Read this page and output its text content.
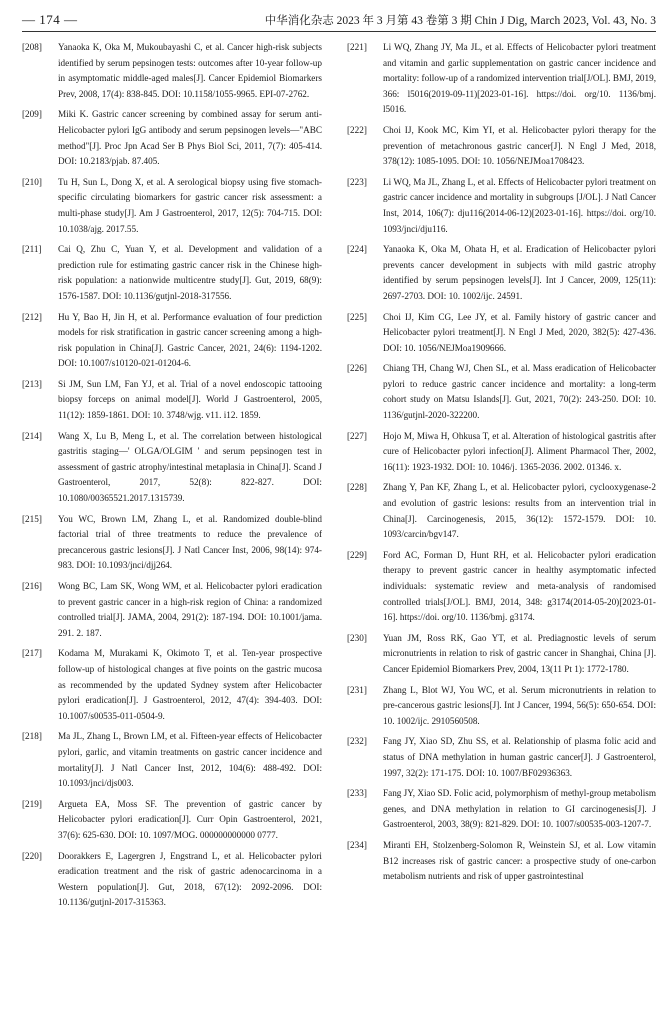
— 174 —	中华消化杂志 2023 年 3 月第 43 卷第 3 期 Chin J Dig, March 2023, Vol. 43, No. 3
[208]	Yanaoka K, Oka M, Mukoubayashi C, et al. Cancer high-risk subjects identified by serum pepsinogen tests: outcomes after 10-year follow-up in asymptomatic middle-aged males[J]. Cancer Epidemiol Biomarkers Prev, 2008, 17(4): 838-845. DOI: 10.1158/1055-9965. EPI-07-2762.
[209]	Miki K. Gastric cancer screening by combined assay for serum anti-Helicobacter pylori IgG antibody and serum pepsinogen levels—"ABC method"[J]. Proc Jpn Acad Ser B Phys Biol Sci, 2011, 7(7): 405-414. DOI: 10.2183/pjab. 87.405.
[210]	Tu H, Sun L, Dong X, et al. A serological biopsy using five stomach-specific circulating biomarkers for gastric cancer risk assessment: a multi-phase study[J]. Am J Gastroenterol, 2017, 12(5): 704-715. DOI: 10.1038/ajg. 2017.55.
[211]	Cai Q, Zhu C, Yuan Y, et al. Development and validation of a prediction rule for estimating gastric cancer risk in the Chinese high-risk population: a nationwide multicentre study[J]. Gut, 2019, 68(9): 1576-1587. DOI: 10.1136/gutjnl-2018-317556.
[212]	Hu Y, Bao H, Jin H, et al. Performance evaluation of four prediction models for risk stratification in gastric cancer screening among a high-risk population in China[J]. Gastric Cancer, 2021, 24(6): 1194-1202. DOI: 10.1007/s10120-021-01204-6.
[213]	Si JM, Sun LM, Fan YJ, et al. Trial of a novel endoscopic tattooing biopsy forceps on animal model[J]. World J Gastroenterol, 2005, 11(12): 1859-1861. DOI: 10. 3748/wjg. v11. i12. 1859.
[214]	Wang X, Lu B, Meng L, et al. The correlation between histological gastritis staging—' OLGA/OLGIM ' and serum pepsinogen test in assessment of gastric atrophy/intestinal metaplasia in China[J]. Scand J Gastroenterol, 2017, 52(8): 822-827. DOI: 10.1080/00365521.2017.1315739.
[215]	You WC, Brown LM, Zhang L, et al. Randomized double-blind factorial trial of three treatments to reduce the prevalence of precancerous gastric lesions[J]. J Natl Cancer Inst, 2006, 98(14): 974-983. DOI: 10.1093/jnci/djj264.
[216]	Wong BC, Lam SK, Wong WM, et al. Helicobacter pylori eradication to prevent gastric cancer in a high-risk region of China: a randomized controlled trial[J]. JAMA, 2004, 291(2): 187-194. DOI: 10.1001/jama. 291. 2. 187.
[217]	Kodama M, Murakami K, Okimoto T, et al. Ten-year prospective follow-up of histological changes at five points on the gastric mucosa as recommended by the updated Sydney system after Helicobacter pylori eradication[J]. J Gastroenterol, 2012, 47(4): 394-403. DOI: 10.1007/s00535-011-0504-9.
[218]	Ma JL, Zhang L, Brown LM, et al. Fifteen-year effects of Helicobacter pylori, garlic, and vitamin treatments on gastric cancer incidence and mortality[J]. J Natl Cancer Inst, 2012, 104(6): 488-492. DOI: 10.1093/jnci/djs003.
[219]	Argueta EA, Moss SF. The prevention of gastric cancer by Helicobacter pylori eradication[J]. Curr Opin Gastroenterol, 2021, 37(6): 625-630. DOI: 10. 1097/MOG. 000000000000 0777.
[220]	Doorakkers E, Lagergren J, Engstrand L, et al. Helicobacter pylori eradication treatment and the risk of gastric adenocarcinoma in a Western population[J]. Gut, 2018, 67(12): 2092-2096. DOI: 10.1136/gutjnl-2017-315363.
[221]	Li WQ, Zhang JY, Ma JL, et al. Effects of Helicobacter pylori treatment and vitamin and garlic supplementation on gastric cancer incidence and mortality: follow-up of a randomized intervention trial[J/OL]. BMJ, 2019, 366: l5016(2019-09-11)[2023-01-16]. https://doi. org/10. 1136/bmj. l5016.
[222]	Choi IJ, Kook MC, Kim YI, et al. Helicobacter pylori therapy for the prevention of metachronous gastric cancer[J]. N Engl J Med, 2018, 378(12): 1085-1095. DOI: 10. 1056/NEJMoa1708423.
[223]	Li WQ, Ma JL, Zhang L, et al. Effects of Helicobacter pylori treatment on gastric cancer incidence and mortality in subgroups [J/OL]. J Natl Cancer Inst, 2014, 106(7): dju116(2014-06-12)[2023-01-16]. https://doi. org/10. 1093/jnci/dju116.
[224]	Yanaoka K, Oka M, Ohata H, et al. Eradication of Helicobacter pylori prevents cancer development in subjects with mild gastric atrophy identified by serum pepsinogen levels[J]. Int J Cancer, 2009, 125(11): 2697-2703. DOI: 10. 1002/ijc. 24591.
[225]	Choi IJ, Kim CG, Lee JY, et al. Family history of gastric cancer and Helicobacter pylori treatment[J]. N Engl J Med, 2020, 382(5): 427-436. DOI: 10. 1056/NEJMoa1909666.
[226]	Chiang TH, Chang WJ, Chen SL, et al. Mass eradication of Helicobacter pylori to reduce gastric cancer incidence and mortality: a long-term cohort study on Matsu Islands[J]. Gut, 2021, 70(2): 243-250. DOI: 10. 1136/gutjnl-2020-322200.
[227]	Hojo M, Miwa H, Ohkusa T, et al. Alteration of histological gastritis after cure of Helicobacter pylori infection[J]. Aliment Pharmacol Ther, 2002, 16(11): 1923-1932. DOI: 10. 1046/j. 1365-2036. 2002. 01346. x.
[228]	Zhang Y, Pan KF, Zhang L, et al. Helicobacter pylori, cyclooxygenase-2 and evolution of gastric lesions: results from an intervention trial in China[J]. Carcinogenesis, 2015, 36(12): 1572-1579. DOI: 10. 1093/carcin/bgv147.
[229]	Ford AC, Forman D, Hunt RH, et al. Helicobacter pylori eradication therapy to prevent gastric cancer in healthy asymptomatic infected individuals: systematic review and meta-analysis of randomised controlled trials[J/OL]. BMJ, 2014, 348: g3174(2014-05-20)[2023-01-16]. https://doi. org/10. 1136/bmj. g3174.
[230]	Yuan JM, Ross RK, Gao YT, et al. Prediagnostic levels of serum micronutrients in relation to risk of gastric cancer in Shanghai, China [J]. Cancer Epidemiol Biomarkers Prev, 2004, 13(11 Pt 1): 1772-1780.
[231]	Zhang L, Blot WJ, You WC, et al. Serum micronutrients in relation to pre-cancerous gastric lesions[J]. Int J Cancer, 1994, 56(5): 650-654. DOI: 10. 1002/ijc. 2910560508.
[232]	Fang JY, Xiao SD, Zhu SS, et al. Relationship of plasma folic acid and status of DNA methylation in human gastric cancer[J]. J Gastroenterol, 1997, 32(2): 171-175. DOI: 10. 1007/BF02936363.
[233]	Fang JY, Xiao SD. Folic acid, polymorphism of methyl-group metabolism genes, and DNA methylation in relation to GI carcinogenesis[J]. J Gastroenterol, 2003, 38(9): 821-829. DOI: 10. 1007/s00535-003-1207-7.
[234]	Miranti EH, Stolzenberg-Solomon R, Weinstein SJ, et al. Low vitamin B12 increases risk of gastric cancer: a prospective study of one-carbon metabolism nutrients and risk of upper gastrointestinal
